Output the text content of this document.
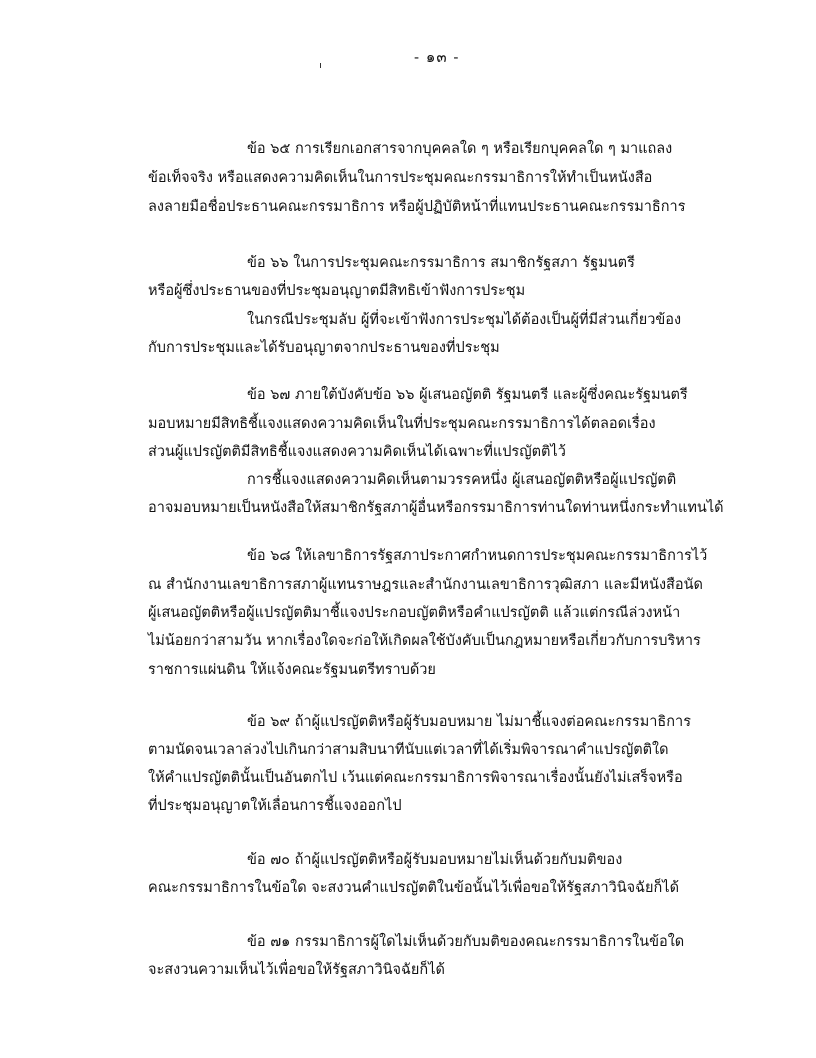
- ๑๓ -
ข้อ ๖๕ การเรียกเอกสารจากบุคคลใด ๆ หรือเรียกบุคคลใด ๆ มาแถลง
ข้อเท็จจริง หรือแสดงความคิดเห็นในการประชุมคณะกรรมาธิการให้ทำเป็นหนังสือ
ลงลายมือชื่อประธานคณะกรรมาธิการ หรือผู้ปฏิบัติหน้าที่แทนประธานคณะกรรมาธิการ
ข้อ ๖๖ ในการประชุมคณะกรรมาธิการ สมาชิกรัฐสภา รัฐมนตรี
หรือผู้ซึ่งประธานของที่ประชุมอนุญาตมีสิทธิเข้าฟังการประชุม
ในกรณีประชุมลับ ผู้ที่จะเข้าฟังการประชุมได้ต้องเป็นผู้ที่มีส่วนเกี่ยวข้อง
กับการประชุมและได้รับอนุญาตจากประธานของที่ประชุม
ข้อ ๖๗ ภายใต้บังคับข้อ ๖๖ ผู้เสนอญัตติ รัฐมนตรี และผู้ซึ่งคณะรัฐมนตรี
มอบหมายมีสิทธิชี้แจงแสดงความคิดเห็นในที่ประชุมคณะกรรมาธิการได้ตลอดเรื่อง
ส่วนผู้แปรญัตติมีสิทธิชี้แจงแสดงความคิดเห็นได้เฉพาะที่แปรญัตติไว้
การชี้แจงแสดงความคิดเห็นตามวรรคหนึ่ง ผู้เสนอญัตติหรือผู้แปรญัตติ
อาจมอบหมายเป็นหนังสือให้สมาชิกรัฐสภาผู้อื่นหรือกรรมาธิการท่านใดท่านหนึ่งกระทำแทนได้
ข้อ ๖๘ ให้เลขาธิการรัฐสภาประกาศกำหนดการประชุมคณะกรรมาธิการไว้
ณ สำนักงานเลขาธิการสภาผู้แทนราษฎรและสำนักงานเลขาธิการวุฒิสภา และมีหนังสือนัด
ผู้เสนอญัตติหรือผู้แปรญัตติมาชี้แจงประกอบญัตติหรือคำแปรญัตติ แล้วแต่กรณีล่วงหน้า
ไม่น้อยกว่าสามวัน หากเรื่องใดจะก่อให้เกิดผลใช้บังคับเป็นกฎหมายหรือเกี่ยวกับการบริหาร
ราชการแผ่นดิน ให้แจ้งคณะรัฐมนตรีทราบด้วย
ข้อ ๖๙ ถ้าผู้แปรญัตติหรือผู้รับมอบหมาย ไม่มาชี้แจงต่อคณะกรรมาธิการ
ตามนัดจนเวลาล่วงไปเกินกว่าสามสิบนาทีนับแต่เวลาที่ได้เริ่มพิจารณาคำแปรญัตติใด
ให้คำแปรญัตตินั้นเป็นอันตกไป เว้นแต่คณะกรรมาธิการพิจารณาเรื่องนั้นยังไม่เสร็จหรือ
ที่ประชุมอนุญาตให้เลื่อนการชี้แจงออกไป
ข้อ ๗๐ ถ้าผู้แปรญัตติหรือผู้รับมอบหมายไม่เห็นด้วยกับมติของ
คณะกรรมาธิการในข้อใด จะสงวนคำแปรญัตติในข้อนั้นไว้เพื่อขอให้รัฐสภาวินิจฉัยก็ได้
ข้อ ๗๑ กรรมาธิการผู้ใดไม่เห็นด้วยกับมติของคณะกรรมาธิการในข้อใด
จะสงวนความเห็นไว้เพื่อขอให้รัฐสภาวินิจฉัยก็ได้
